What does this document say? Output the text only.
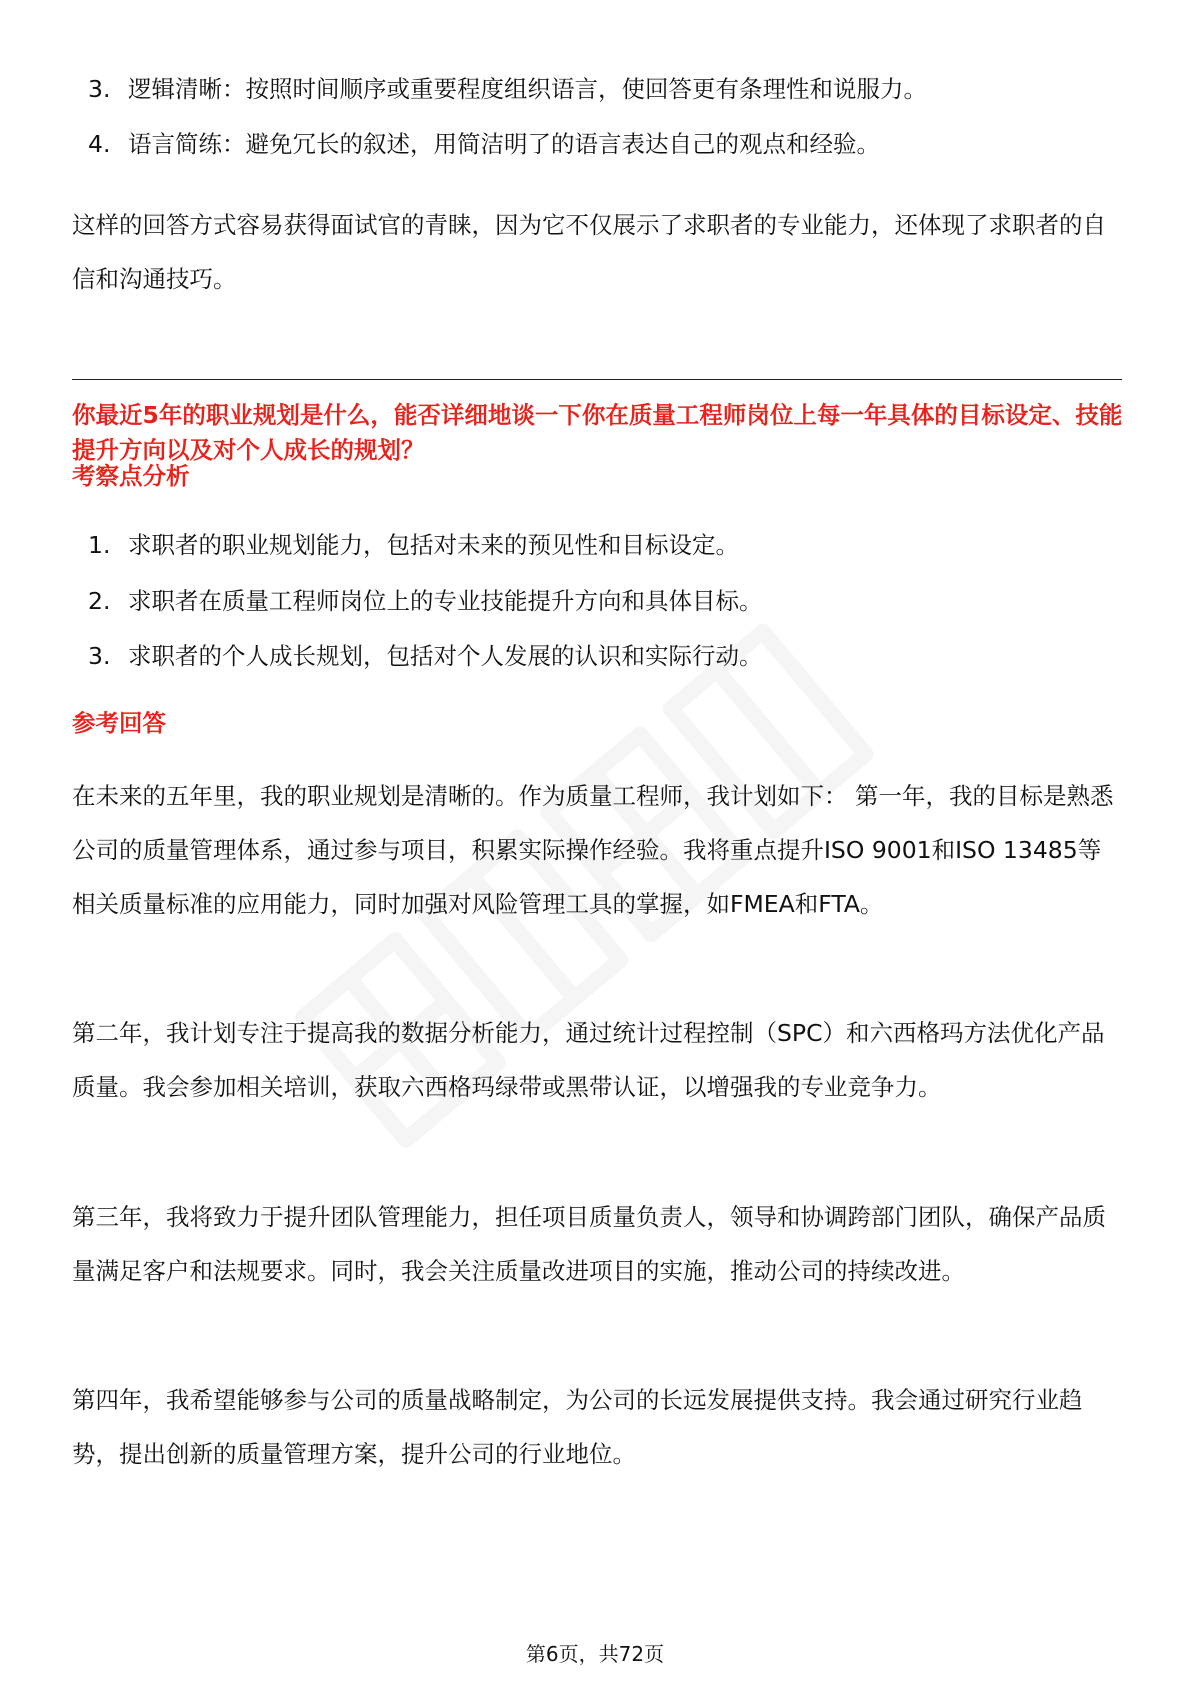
3. 逻辑清晰：按照时间顺序或重要程度组织语言，使回答更有条理性和说服力。
4. 语言简练：避免冗长的叙述，用简洁明了的语言表达自己的观点和经验。

这样的回答方式容易获得面试官的青睐，因为它不仅展示了求职者的专业能力，还体现了求职者的自信和沟通技巧。

你最近5年的职业规划是什么，能否详细地谈一下你在质量工程师岗位上每一年具体的目标设定、技能提升方向以及对个人成长的规划？

考察点分析

1. 求职者的职业规划能力，包括对未来的预见性和目标设定。
2. 求职者在质量工程师岗位上的专业技能提升方向和具体目标。
3. 求职者的个人成长规划，包括对个人发展的认识和实际行动。

参考回答

在未来的五年里，我的职业规划是清晰的。作为质量工程师，我计划如下： 第一年，我的目标是熟悉公司的质量管理体系，通过参与项目，积累实际操作经验。我将重点提升ISO 9001和ISO 13485等相关质量标准的应用能力，同时加强对风险管理工具的掌握，如FMEA和FTA。

第二年，我计划专注于提高我的数据分析能力，通过统计过程控制（SPC）和六西格玛方法优化产品质量。我会参加相关培训，获取六西格玛绿带或黑带认证，以增强我的专业竞争力。

第三年，我将致力于提升团队管理能力，担任项目质量负责人，领导和协调跨部门团队，确保产品质量满足客户和法规要求。同时，我会关注质量改进项目的实施，推动公司的持续改进。

第四年，我希望能够参与公司的质量战略制定，为公司的长远发展提供支持。我会通过研究行业趋势，提出创新的质量管理方案，提升公司的行业地位。

第6页，共72页
